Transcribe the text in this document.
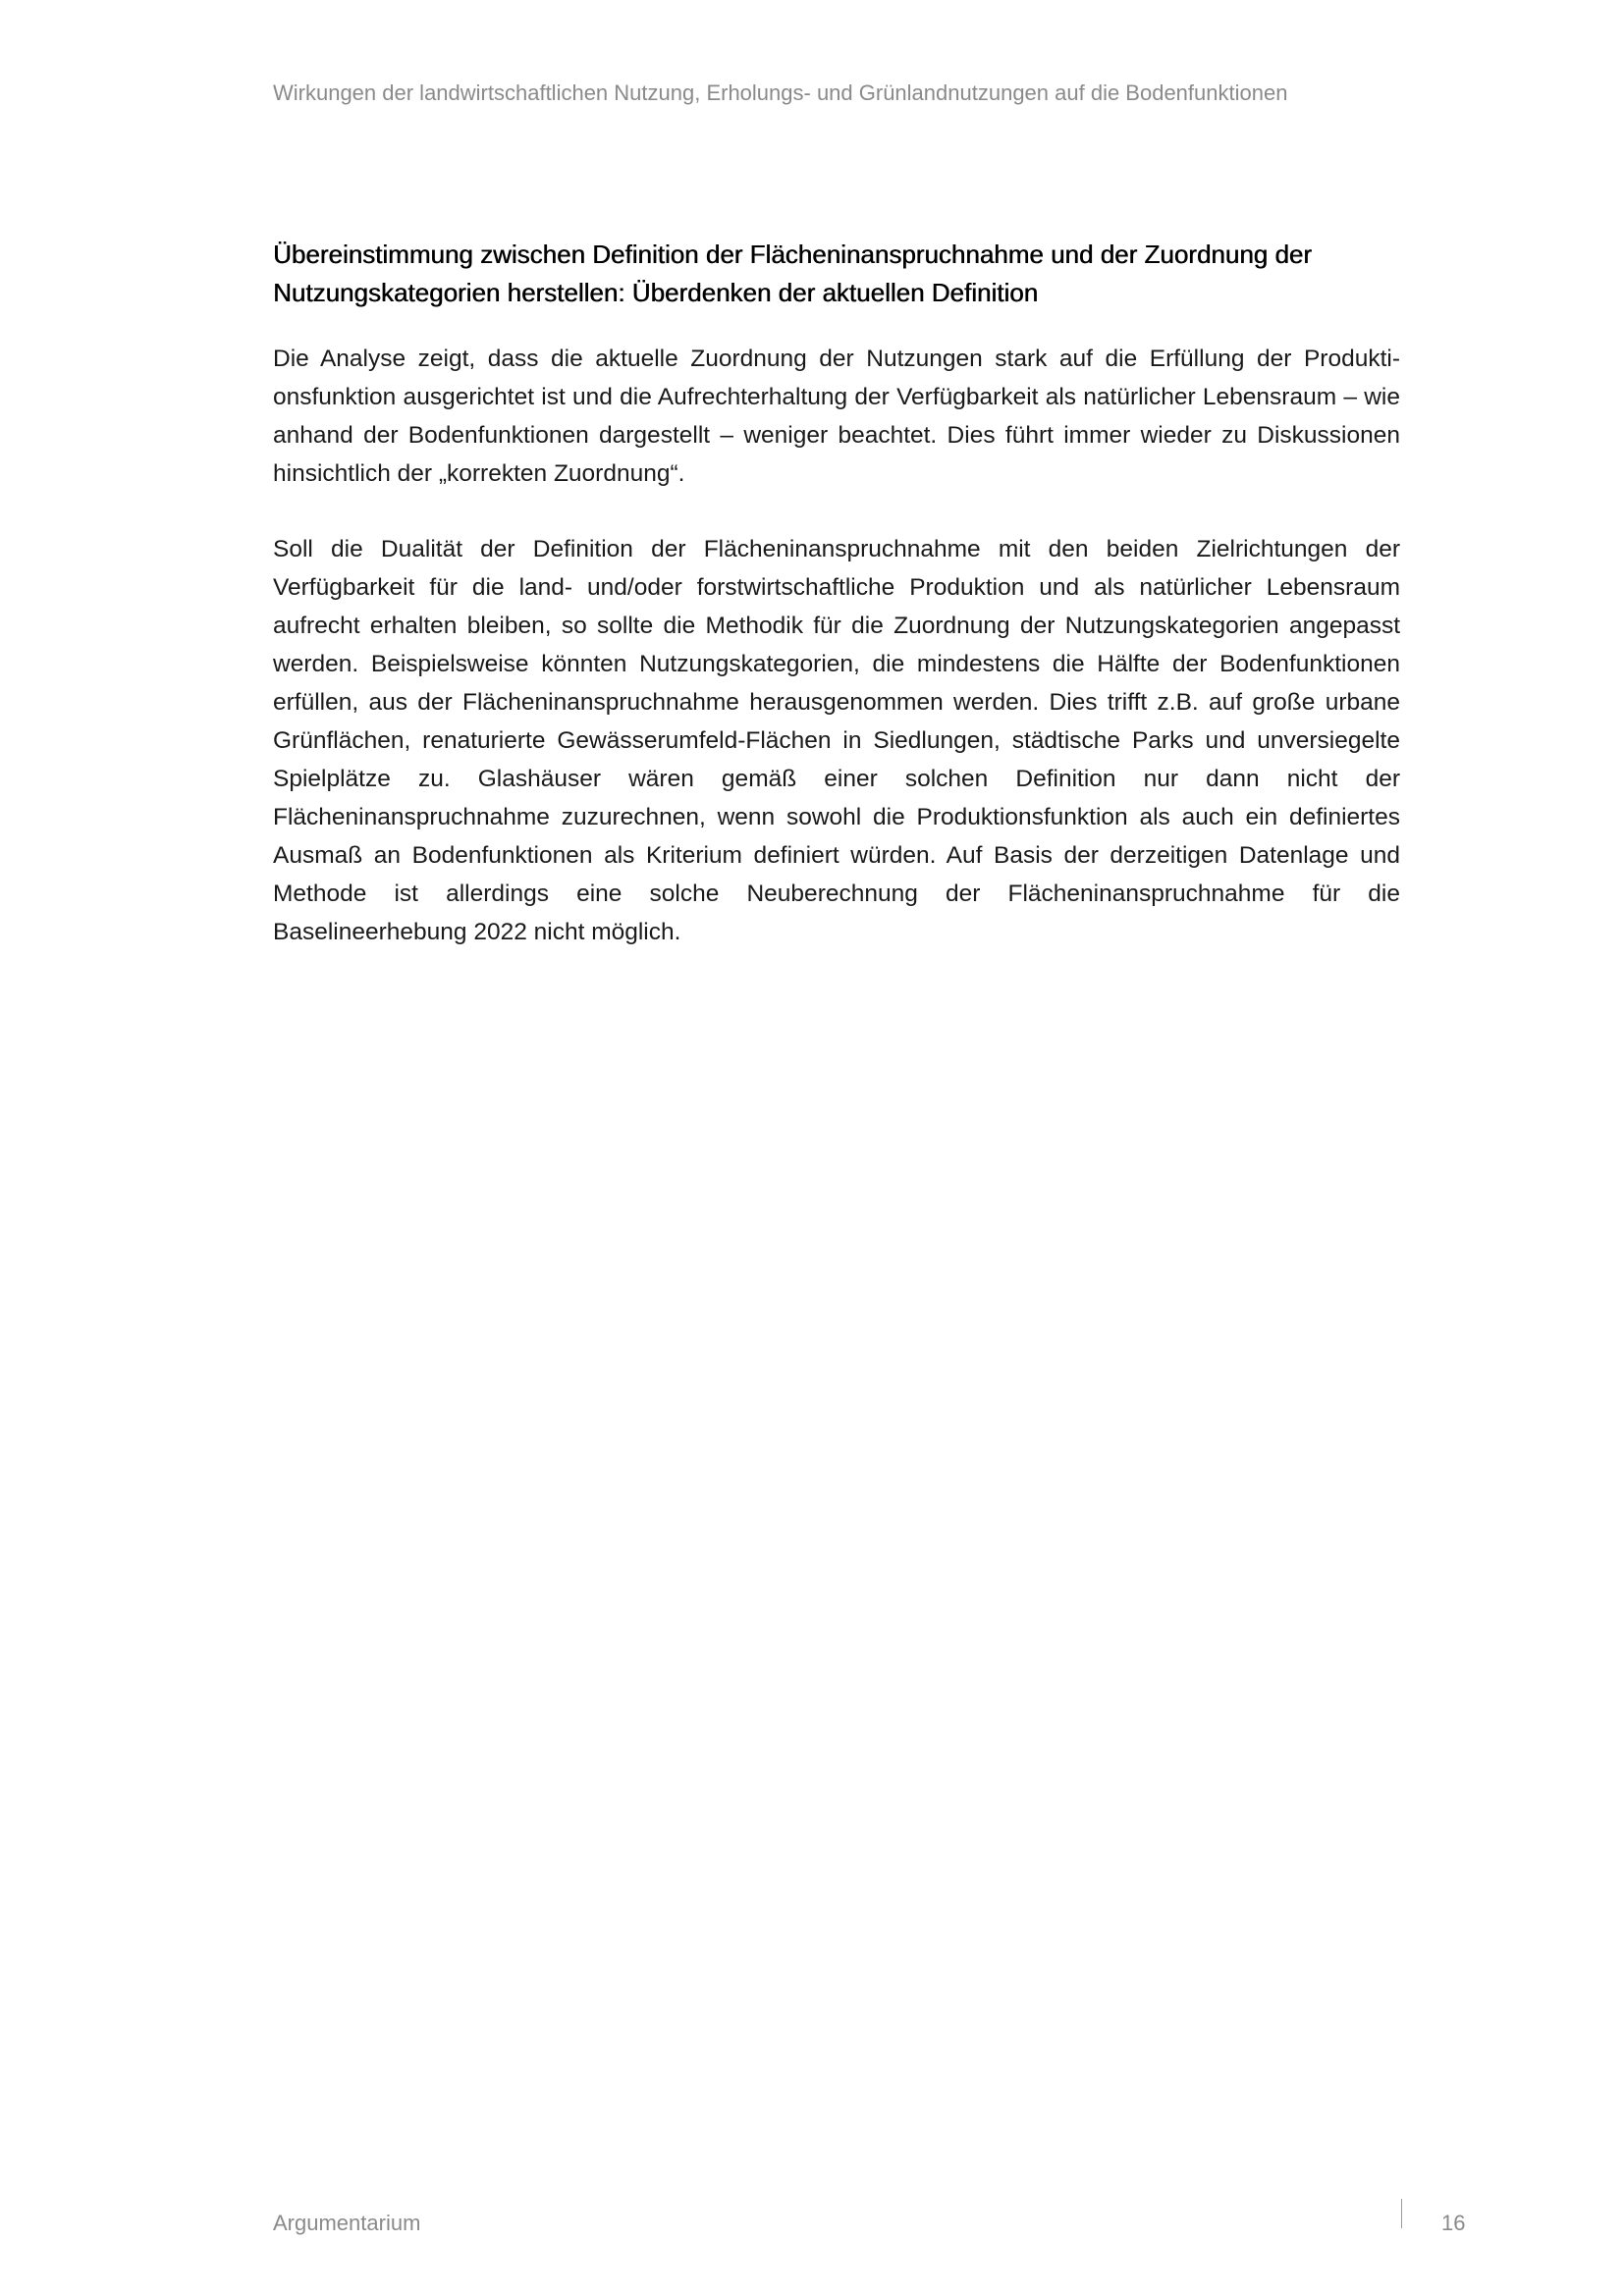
Wirkungen der landwirtschaftlichen Nutzung, Erholungs- und Grünlandnutzungen auf die Bodenfunktionen
Übereinstimmung zwischen Definition der Flächeninanspruchnahme und der Zuordnung der Nutzungskategorien herstellen: Überdenken der aktuellen Definition

Die Analyse zeigt, dass die aktuelle Zuordnung der Nutzungen stark auf die Erfüllung der Produktionsfunktion ausgerichtet ist und die Aufrechterhaltung der Verfügbarkeit als natürlicher Lebensraum – wie anhand der Bodenfunktionen dargestellt – weniger beachtet. Dies führt immer wieder zu Diskussionen hinsichtlich der „korrekten Zuordnung“.

Soll die Dualität der Definition der Flächeninanspruchnahme mit den beiden Zielrichtungen der Verfügbarkeit für die land- und/oder forstwirtschaftliche Produktion und als natürlicher Lebensraum aufrecht erhalten bleiben, so sollte die Methodik für die Zuordnung der Nutzungskategorien angepasst werden. Beispielsweise könnten Nutzungskategorien, die mindestens die Hälfte der Bodenfunktionen erfüllen, aus der Flächeninanspruchnahme herausgenommen werden. Dies trifft z.B. auf große urbane Grünflächen, renaturierte Gewässerumfeld-Flächen in Siedlungen, städtische Parks und unversiegelte Spielplätze zu. Glashäuser wären gemäß einer solchen Definition nur dann nicht der Flächeninanspruchnahme zuzurechnen, wenn sowohl die Produktionsfunktion als auch ein definiertes Ausmaß an Bodenfunktionen als Kriterium definiert würden. Auf Basis der derzeitigen Datenlage und Methode ist allerdings eine solche Neuberechnung der Flächeninanspruchnahme für die Baselineerhebung 2022 nicht möglich.

Argumentarium	16
